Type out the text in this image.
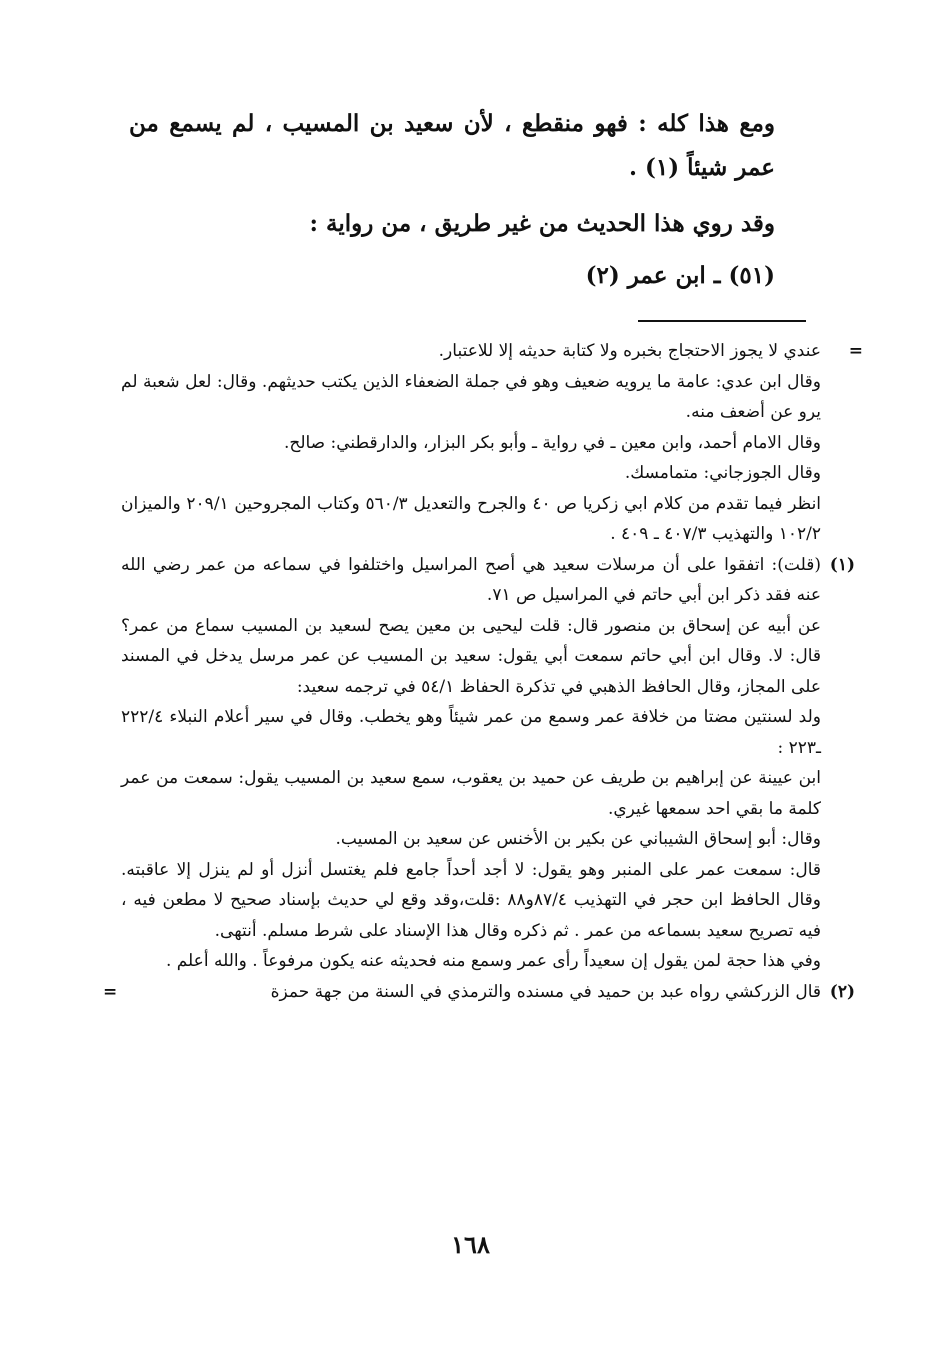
ومع هذا كله : فهو منقطع ، لأن سعيد بن المسيب ، لم يسمع من عمر شيئاً (١) .

وقد روي هذا الحديث من غير طريق ، من رواية :

(٥١) ـ ابن عمر (٢)

=

عندي لا يجوز الاحتجاج بخبره ولا كتابة حديثه إلا للاعتبار.

وقال ابن عدي: عامة ما يرويه ضعيف وهو في جملة الضعفاء الذين يكتب حديثهم. وقال: لعل شعبة لم يرو عن أضعف منه.

وقال الامام أحمد، وابن معين ـ في رواية ـ وأبو بكر البزار، والدارقطني: صالح.

وقال الجوزجاني: متمامسك.

انظر فيما تقدم من كلام ابي زكريا ص ٤٠ والجرح والتعديل ٥٦٠/٣ وكتاب المجروحين ٢٠٩/١ والميزان ١٠٢/٢ والتهذيب ٤٠٧/٣ ـ ٤٠٩ .

(١)

(قلت): اتفقوا على أن مرسلات سعيد هي أصح المراسيل واختلفوا في سماعه من عمر رضي الله عنه فقد ذكر ابن أبي حاتم في المراسيل ص ٧١.

عن أبيه عن إسحاق بن منصور قال: قلت ليحيى بن معين يصح لسعيد بن المسيب سماع من عمر؟ قال: لا. وقال ابن أبي حاتم سمعت أبي يقول: سعيد بن المسيب عن عمر مرسل يدخل في المسند على المجاز، وقال الحافظ الذهبي في تذكرة الحفاظ ٥٤/١ في ترجمه سعيد:

ولد لسنتين مضتا من خلافة عمر وسمع من عمر شيئاً وهو يخطب. وقال في سير أعلام النبلاء ٢٢٢/٤ ـ٢٢٣ :

ابن عيينة عن إبراهيم بن طريف عن حميد بن يعقوب، سمع سعيد بن المسيب يقول: سمعت من عمر كلمة ما بقي احد سمعها غيري.

وقال: أبو إسحاق الشيباني عن بكير بن الأخنس عن سعيد بن المسيب.

قال: سمعت عمر على المنبر وهو يقول: لا أجد أحداً جامع فلم يغتسل أنزل أو لم ينزل إلا عاقبته. وقال الحافظ ابن حجر في التهذيب ٨٧/٤و٨٨ :قلت،وقد وقع لي حديث بإسناد صحيح لا مطعن فيه ، فيه تصريح سعيد بسماعه من عمر . ثم ذكره وقال هذا الإسناد على شرط مسلم. أنتهى.

وفي هذا حجة لمن يقول إن سعيداً رأى عمر وسمع منه فحديثه عنه يكون مرفوعاً . والله أعلم .

(٢)
=	قال الزركشي رواه عبد بن حميد في مسنده والترمذي في السنة من جهة حمزة

١٦٨
